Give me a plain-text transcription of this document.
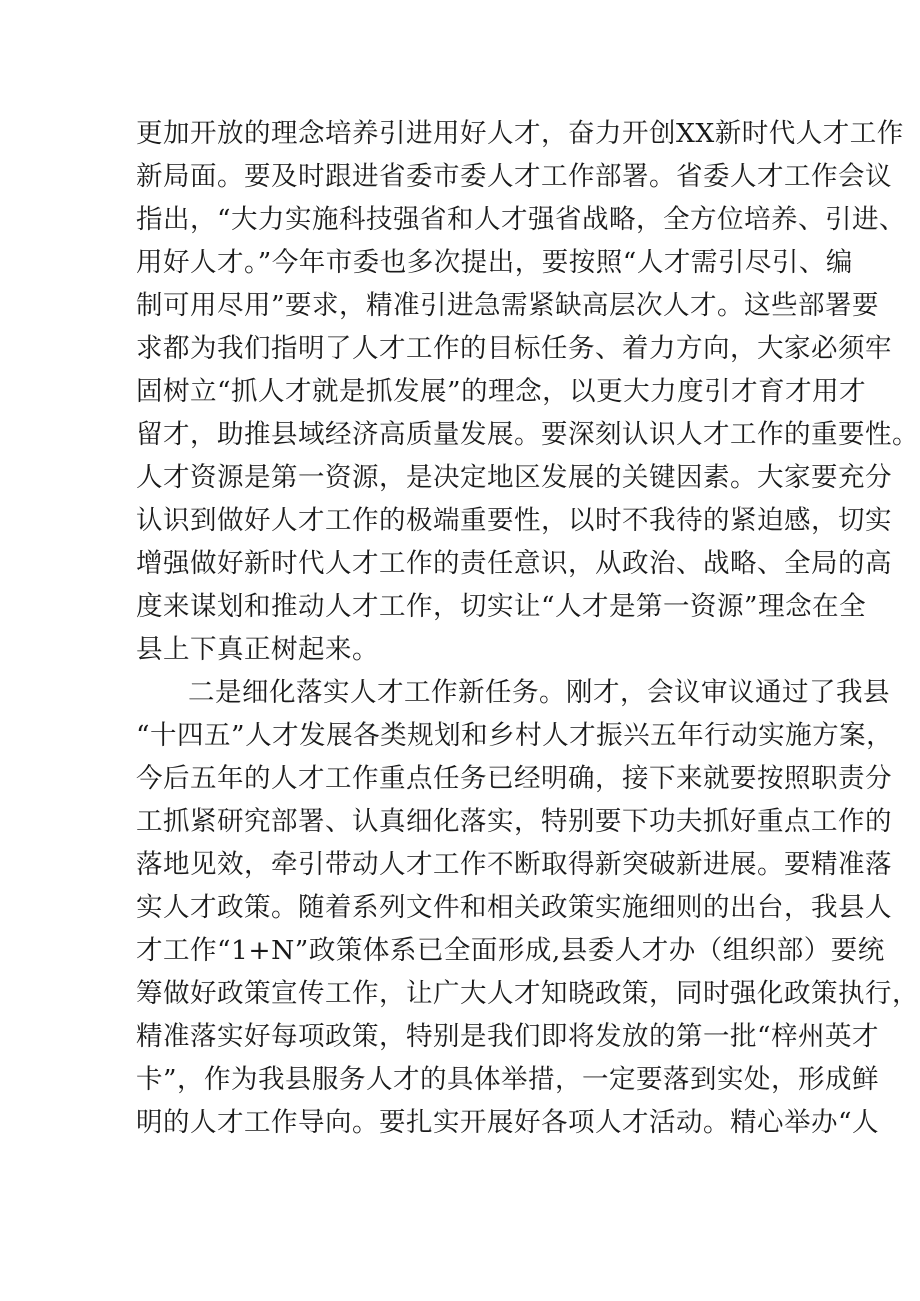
更加开放的理念培养引进用好人才，奋力开创XX新时代人才工作
新局面。要及时跟进省委市委人才工作部署。省委人才工作会议
指出，“大力实施科技强省和人才强省战略，全方位培养、引进、
用好人才。”今年市委也多次提出，要按照“人才需引尽引、编
制可用尽用”要求，精准引进急需紧缺高层次人才。这些部署要
求都为我们指明了人才工作的目标任务、着力方向，大家必须牢
固树立“抓人才就是抓发展”的理念，以更大力度引才育才用才
留才，助推县域经济高质量发展。要深刻认识人才工作的重要性。
人才资源是第一资源，是决定地区发展的关键因素。大家要充分
认识到做好人才工作的极端重要性，以时不我待的紧迫感，切实
增强做好新时代人才工作的责任意识，从政治、战略、全局的高
度来谋划和推动人才工作，切实让“人才是第一资源”理念在全
县上下真正树起来。
二是细化落实人才工作新任务。刚才，会议审议通过了我县
“十四五”人才发展各类规划和乡村人才振兴五年行动实施方案，
今后五年的人才工作重点任务已经明确，接下来就要按照职责分
工抓紧研究部署、认真细化落实，特别要下功夫抓好重点工作的
落地见效，牵引带动人才工作不断取得新突破新进展。要精准落
实人才政策。随着系列文件和相关政策实施细则的出台，我县人
才工作“1+N”政策体系已全面形成,县委人才办（组织部）要统
筹做好政策宣传工作，让广大人才知晓政策，同时强化政策执行，
精准落实好每项政策，特别是我们即将发放的第一批“梓州英才
卡”，作为我县服务人才的具体举措，一定要落到实处，形成鲜
明的人才工作导向。要扎实开展好各项人才活动。精心举办“人
